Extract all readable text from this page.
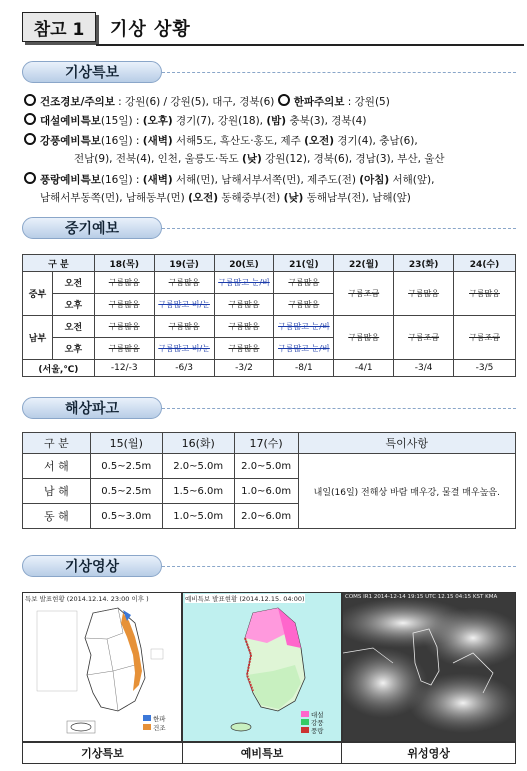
참고 1	기상 상황
기상특보
건조경보/주의보 : 강원(6) / 강원(5), 대구, 경북(6) 한파주의보 : 강원(5)
대설예비특보(15일) : (오후) 경기(7), 강원(18), (밤) 충북(3), 경북(4)
강풍예비특보(16일) : (새벽) 서해5도, 흑산도·홍도, 제주 (오전) 경기(4), 충남(6),
전남(9), 전북(4), 인천, 울릉도·독도 (낮) 강원(12), 경북(6), 경남(3), 부산, 울산
풍랑예비특보(16일) : (새벽) 서해(먼), 남해서부서쪽(먼), 제주도(전) (아침) 서해(앞),
남해서부동쪽(먼), 남해동부(먼) (오전) 동해중부(전) (낮) 동해남부(전), 남해(앞)
중기예보
구 분		18(목)	19(금)	20(토)	21(일)	22(월)	23(화)	24(수)
중부	오전	구름많음	구름많음	구름많고 눈/비	구름많음	구름조금	구름많음	구름많음
	오후	구름많음	구름많고 비/눈	구름많음	구름많음			
남부	오전	구름많음	구름많음	구름많음	구름많고 눈/비	구름많음	구름조금	구름조금
	오후	구름많음	구름많고 비/눈	구름많음	구름많고 눈/비			
(서울,℃)		-12/-3	-6/3	-3/2	-8/1	-4/1	-3/4	-3/5
해상파고
구 분	15(월)	16(화)	17(수)	특이사항
서 해	0.5~2.5m	2.0~5.0m	2.0~5.0m	내일(16일) 전해상 바람 매우강, 물결 매우높음.
남 해	0.5~2.5m	1.5~6.0m	1.0~6.0m	
동 해	0.5~3.0m	1.0~5.0m	2.0~6.0m	
기상영상
특보 발표현황 (2014.12.14. 23:00 이후 )
한파
건조
예비특보 발표현황 (2014.12.15. 04:00)
대설
강풍
풍랑
COMS IR1 2014-12-14 19:15 UTC 12.15 04:15 KST KMA
기상특보	예비특보	위성영상
